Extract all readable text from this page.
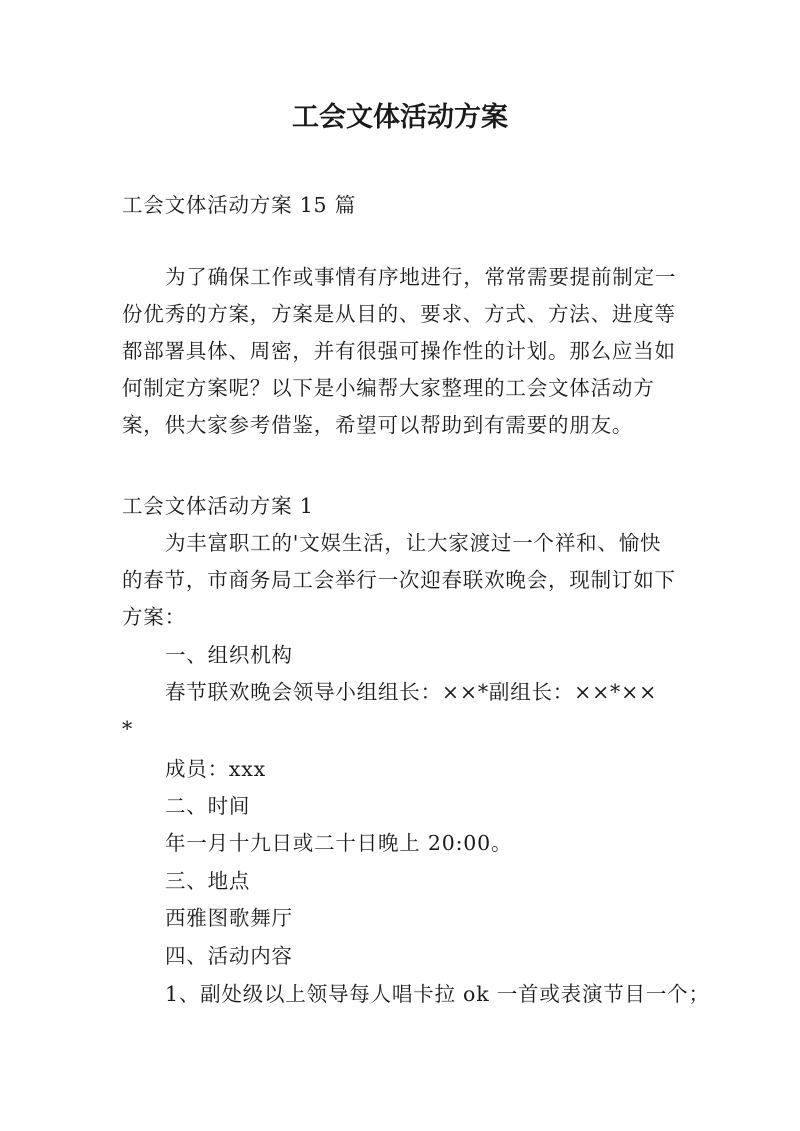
工会文体活动方案
工会文体活动方案 15 篇
为了确保工作或事情有序地进行，常常需要提前制定一
份优秀的方案，方案是从目的、要求、方式、方法、进度等
都部署具体、周密，并有很强可操作性的计划。那么应当如
何制定方案呢？以下是小编帮大家整理的工会文体活动方
案，供大家参考借鉴，希望可以帮助到有需要的朋友。
工会文体活动方案 1
为丰富职工的'文娱生活，让大家渡过一个祥和、愉快
的春节，市商务局工会举行一次迎春联欢晚会，现制订如下
方案：
一、组织机构
春节联欢晚会领导小组组长：××*副组长：××*××
*
成员：xxx
二、时间
年一月十九日或二十日晚上 20:00。
三、地点
西雅图歌舞厅
四、活动内容
1、副处级以上领导每人唱卡拉 ok 一首或表演节目一个；
